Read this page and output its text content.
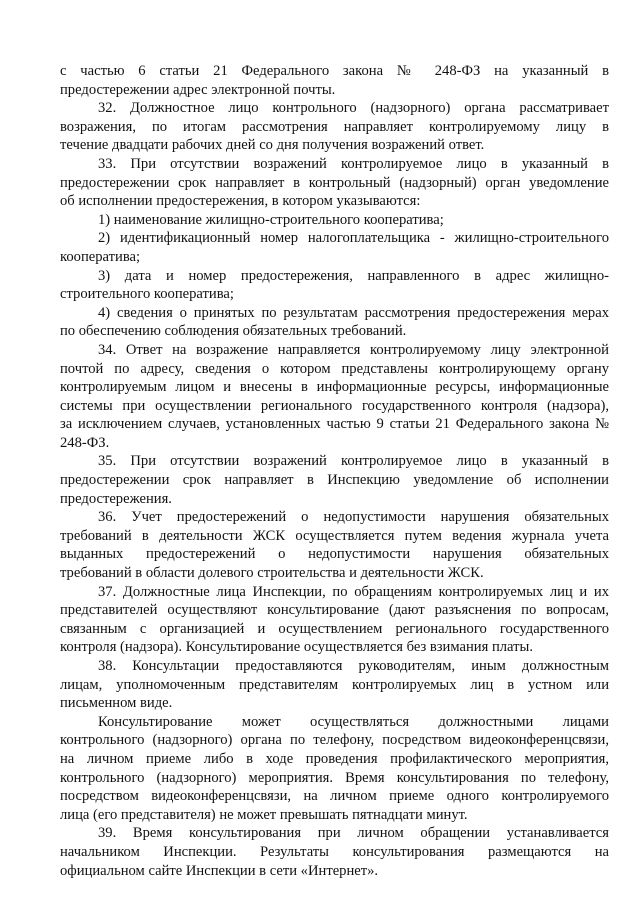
с частью 6 статьи 21 Федерального закона № 248-ФЗ на указанный в
предостережении адрес электронной почты.
32. Должностное лицо контрольного (надзорного) органа рассматривает
возражения, по итогам рассмотрения направляет контролируемому лицу в
течение двадцати рабочих дней со дня получения возражений ответ.
33. При отсутствии возражений контролируемое лицо в указанный в
предостережении срок направляет в контрольный (надзорный) орган уведомление
об исполнении предостережения, в котором указываются:
1) наименование жилищно-строительного кооператива;
2) идентификационный номер налогоплательщика - жилищно-строительного
кооператива;
3) дата и номер предостережения, направленного в адрес жилищно-
строительного кооператива;
4) сведения о принятых по результатам рассмотрения предостережения мерах
по обеспечению соблюдения обязательных требований.
34. Ответ на возражение направляется контролируемому лицу электронной
почтой по адресу, сведения о котором представлены контролирующему органу
контролируемым лицом и внесены в информационные ресурсы, информационные
системы при осуществлении регионального государственного контроля (надзора),
за исключением случаев, установленных частью 9 статьи 21 Федерального закона №
248-ФЗ.
35. При отсутствии возражений контролируемое лицо в указанный в
предостережении срок направляет в Инспекцию уведомление об исполнении
предостережения.
36. Учет предостережений о недопустимости нарушения обязательных
требований в деятельности ЖСК осуществляется путем ведения журнала учета
выданных предостережений о недопустимости нарушения обязательных
требований в области долевого строительства и деятельности ЖСК.
37. Должностные лица Инспекции, по обращениям контролируемых лиц и их
представителей осуществляют консультирование (дают разъяснения по вопросам,
связанным с организацией и осуществлением регионального государственного
контроля (надзора). Консультирование осуществляется без взимания платы.
38. Консультации предоставляются руководителям, иным должностным
лицам, уполномоченным представителям контролируемых лиц в устном или
письменном виде.
Консультирование может осуществляться должностными лицами
контрольного (надзорного) органа по телефону, посредством видеоконференцсвязи,
на личном приеме либо в ходе проведения профилактического мероприятия,
контрольного (надзорного) мероприятия. Время консультирования по телефону,
посредством видеоконференцсвязи, на личном приеме одного контролируемого
лица (его представителя) не может превышать пятнадцати минут.
39. Время консультирования при личном обращении устанавливается
начальником Инспекции. Результаты консультирования размещаются на
официальном сайте Инспекции в сети «Интернет».
